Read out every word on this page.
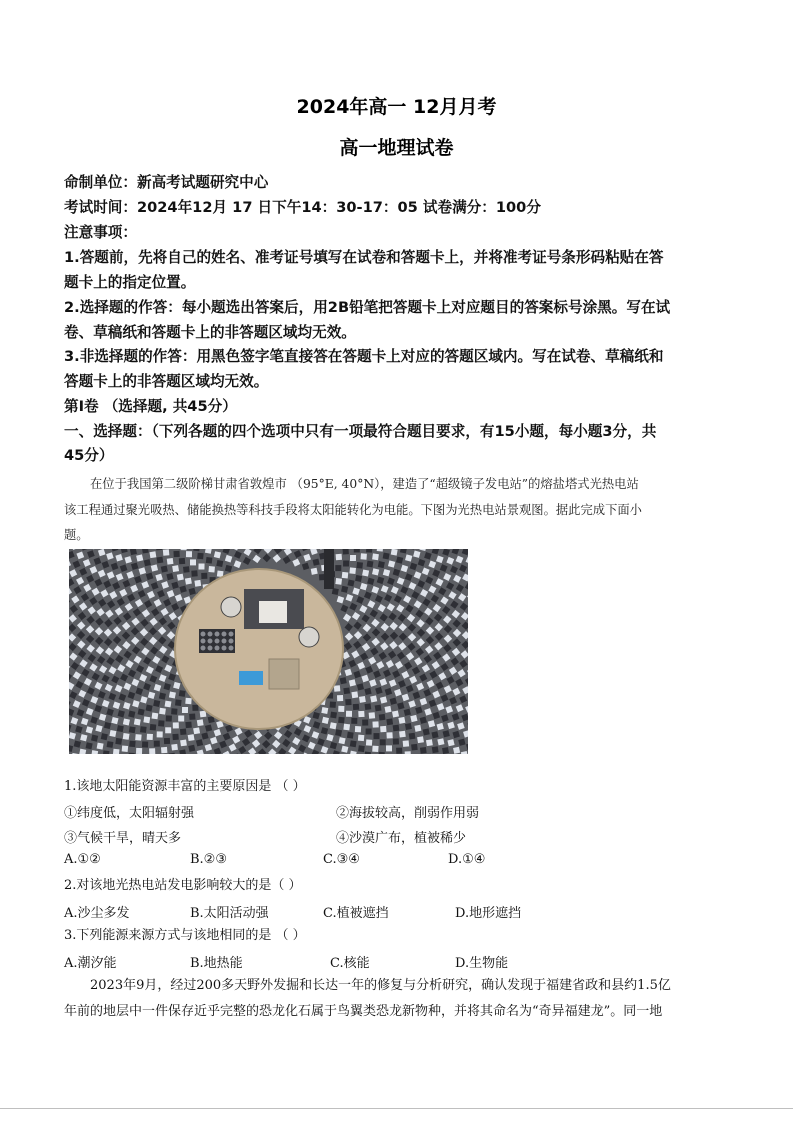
2024年高一 12月月考
高一地理试卷
命制单位：新高考试题研究中心
考试时间：2024年12月 17 日下午14：30-17：05 试卷满分：100分
注意事项：
1.答题前，先将自己的姓名、准考证号填写在试卷和答题卡上，并将准考证号条形码粘贴在答
题卡上的指定位置。
2.选择题的作答：每小题选出答案后，用2B铅笔把答题卡上对应题目的答案标号涂黑。写在试
卷、草稿纸和答题卡上的非答题区域均无效。
3.非选择题的作答：用黑色签字笔直接答在答题卡上对应的答题区域内。写在试卷、草稿纸和
答题卡上的非答题区域均无效。
第Ⅰ卷 （选择题, 共45分）
一、选择题：（下列各题的四个选项中只有一项最符合题目要求，有15小题，每小题3分，共
45分）
在位于我国第二级阶梯甘肃省敦煌市 （95°E, 40°N），建造了“超级镜子发电站”的熔盐塔式光热电站
该工程通过聚光吸热、储能换热等科技手段将太阳能转化为电能。下图为光热电站景观图。据此完成下面小
题。
1.该地太阳能资源丰富的主要原因是 （ ）
①纬度低，太阳辐射强	②海拔较高，削弱作用弱
③气候干旱，晴天多	④沙漠广布，植被稀少
A.①②	B.②③	C.③④	D.①④
2.对该地光热电站发电影响较大的是（ ）
A.沙尘多发	B.太阳活动强	C.植被遮挡	D.地形遮挡
3.下列能源来源方式与该地相同的是 （ ）
A.潮汐能	B.地热能	C.核能	D.生物能
2023年9月，经过200多天野外发掘和长达一年的修复与分析研究，确认发现于福建省政和县约1.5亿
年前的地层中一件保存近乎完整的恐龙化石属于鸟翼类恐龙新物种，并将其命名为“奇异福建龙”。同一地
